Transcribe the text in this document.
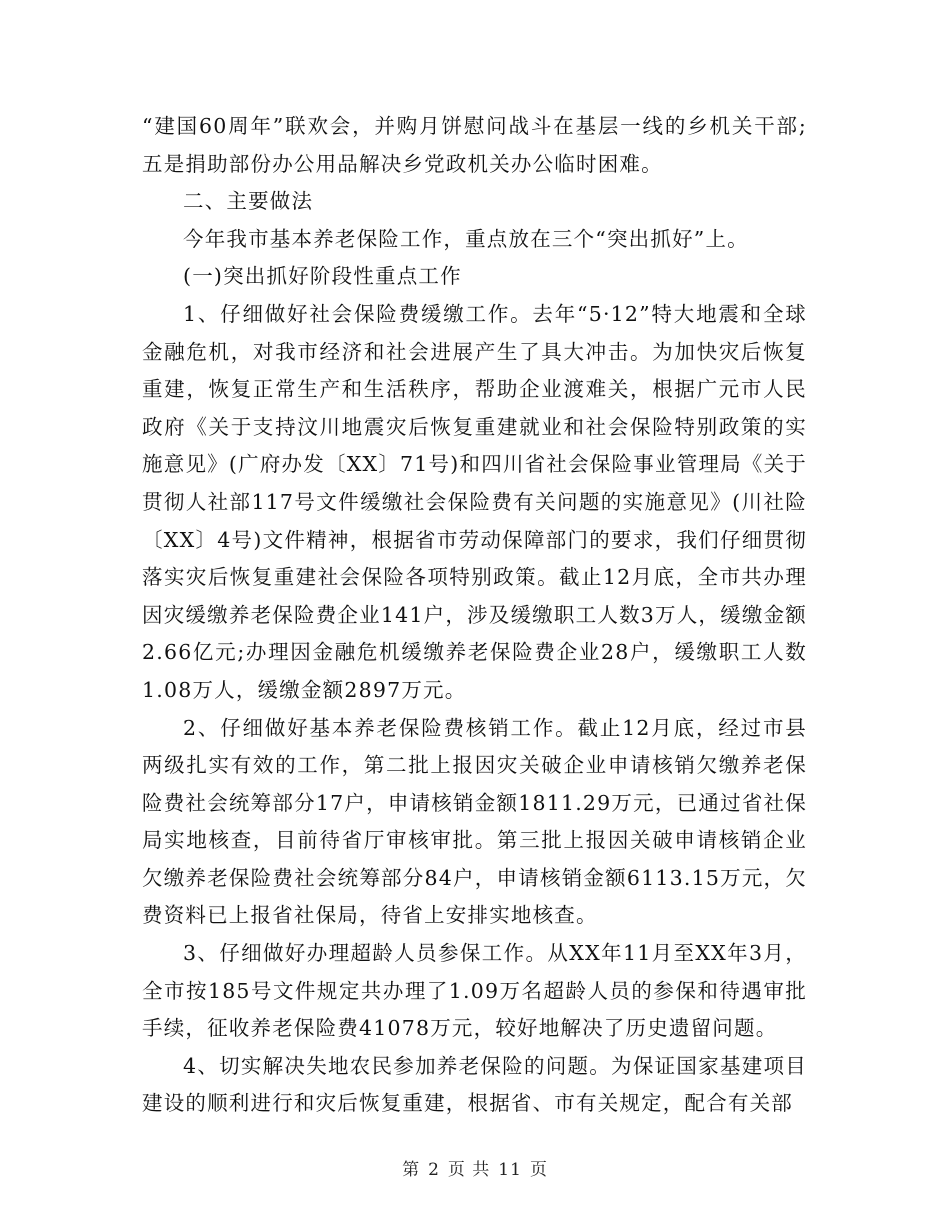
“建国60周年”联欢会，并购月饼慰问战斗在基层一线的乡机关干部;五是捐助部份办公用品解决乡党政机关办公临时困难。

二、主要做法

今年我市基本养老保险工作，重点放在三个“突出抓好”上。

(一)突出抓好阶段性重点工作

1、仔细做好社会保险费缓缴工作。去年“5·12”特大地震和全球金融危机，对我市经济和社会进展产生了具大冲击。为加快灾后恢复重建，恢复正常生产和生活秩序，帮助企业渡难关，根据广元市人民政府《关于支持汶川地震灾后恢复重建就业和社会保险特别政策的实施意见》(广府办发〔XX〕71号)和四川省社会保险事业管理局《关于贯彻人社部117号文件缓缴社会保险费有关问题的实施意见》(川社险〔XX〕4号)文件精神，根据省市劳动保障部门的要求，我们仔细贯彻落实灾后恢复重建社会保险各项特别政策。截止12月底，全市共办理因灾缓缴养老保险费企业141户，涉及缓缴职工人数3万人，缓缴金额2.66亿元;办理因金融危机缓缴养老保险费企业28户，缓缴职工人数1.08万人，缓缴金额2897万元。

2、仔细做好基本养老保险费核销工作。截止12月底，经过市县两级扎实有效的工作，第二批上报因灾关破企业申请核销欠缴养老保险费社会统筹部分17户，申请核销金额1811.29万元，已通过省社保局实地核查，目前待省厅审核审批。第三批上报因关破申请核销企业欠缴养老保险费社会统筹部分84户，申请核销金额6113.15万元，欠费资料已上报省社保局，待省上安排实地核查。

3、仔细做好办理超龄人员参保工作。从XX年11月至XX年3月，全市按185号文件规定共办理了1.09万名超龄人员的参保和待遇审批手续，征收养老保险费41078万元，较好地解决了历史遗留问题。

4、切实解决失地农民参加养老保险的问题。为保证国家基建项目建设的顺利进行和灾后恢复重建，根据省、市有关规定，配合有关部

第 2 页 共 11 页
